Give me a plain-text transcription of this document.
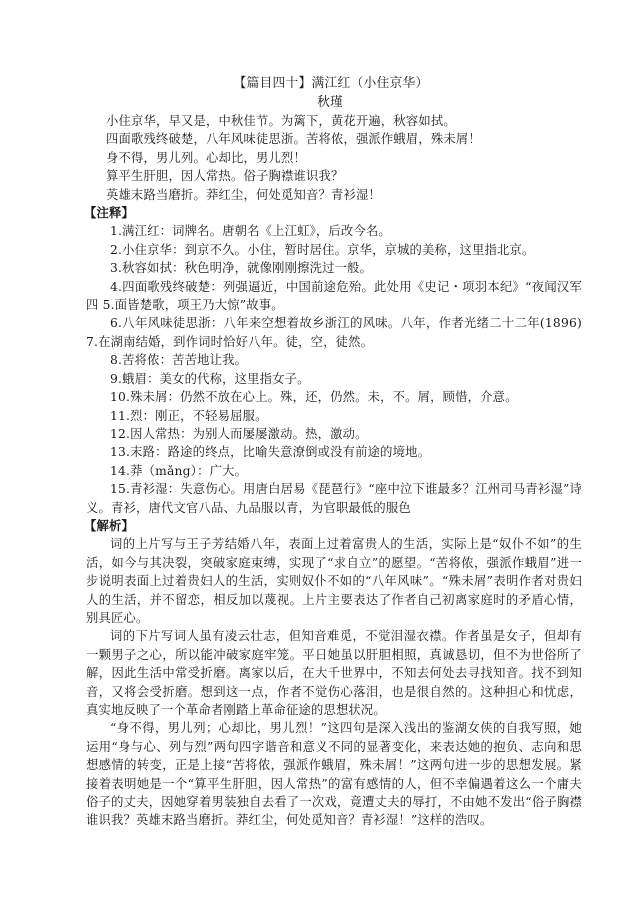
【篇目四十】满江红（小住京华）
秋瑾
小住京华，早又是，中秋佳节。为篱下，黄花开遍，秋容如拭。
四面歌残终破楚，八年风味徒思浙。苦将侬，强派作蛾眉，殊未屑！
身不得，男儿列。心却比，男儿烈！
算平生肝胆，因人常热。俗子胸襟谁识我？
英雄末路当磨折。莽红尘，何处觅知音？青衫湿！
【注释】

1.满江红：词牌名。唐朝名《上江虹》，后改今名。

2.小住京华：到京不久。小住，暂时居住。京华，京城的美称，这里指北京。

3.秋容如拭：秋色明净，就像刚刚擦洗过一般。

4.四面歌残终破楚：列强逼近，中国前途危殆。此处用《史记・项羽本纪》“夜闻汉军四 5.面皆楚歌，项王乃大惊”故事。

6.八年风味徒思浙：八年来空想着故乡浙江的风味。八年，作者光绪二十二年(1896) 7.在湖南结婚，到作词时恰好八年。徒，空，徒然。

8.苦将侬：苦苦地让我。

9.蛾眉：美女的代称，这里指女子。

10.殊未屑：仍然不放在心上。殊，还，仍然。未，不。屑，顾惜，介意。

11.烈：刚正，不轻易屈服。

12.因人常热：为别人而屡屡激动。热，激动。

13.末路：路途的终点，比喻失意潦倒或没有前途的境地。

14.莽（mǎng）：广大。

15.青衫湿：失意伤心。用唐白居易《琵琶行》“座中泣下谁最多？江州司马青衫湿”诗义。青衫，唐代文官八品、九品服以青，为官职最低的服色

【解析】

词的上片写与王子芳结婚八年，表面上过着富贵人的生活，实际上是“奴仆不如”的生活，如今与其决裂，突破家庭束缚，实现了“求自立”的愿望。“苦将侬，强派作蛾眉”进一步说明表面上过着贵妇人的生活，实则奴仆不如的“八年风味”。“殊未屑”表明作者对贵妇人的生活，并不留恋，相反加以蔑视。上片主要表达了作者自己初离家庭时的矛盾心情，别具匠心。

词的下片写词人虽有凌云壮志，但知音难觅，不觉泪湿衣襟。作者虽是女子，但却有一颗男子之心，所以能冲破家庭牢笼。平日她虽以肝胆相照，真诚恳切，但不为世俗所了解，因此生活中常受折磨。离家以后，在大千世界中，不知去何处去寻找知音。找不到知音，又将会受折磨。想到这一点，作者不觉伤心落泪，也是很自然的。这种担心和忧虑，真实地反映了一个革命者刚踏上革命征途的思想状况。

“身不得，男儿列；心却比，男儿烈！”这四句是深入浅出的鉴湖女侠的自我写照，她运用“身与心、列与烈”两句四字谐音和意义不同的显著变化，来表达她的抱负、志向和思想感情的转变，正是上接“苦将侬，强派作蛾眉，殊未屑！”这两句进一步的思想发展。紧接着表明她是一个“算平生肝胆，因人常热”的富有感情的人，但不幸偏遇着这么一个庸夫俗子的丈夫，因她穿着男装独自去看了一次戏，竟遭丈夫的辱打，不由她不发出“俗子胸襟谁识我？英雄末路当磨折。莽红尘，何处觅知音？青衫湿！”这样的浩叹。
